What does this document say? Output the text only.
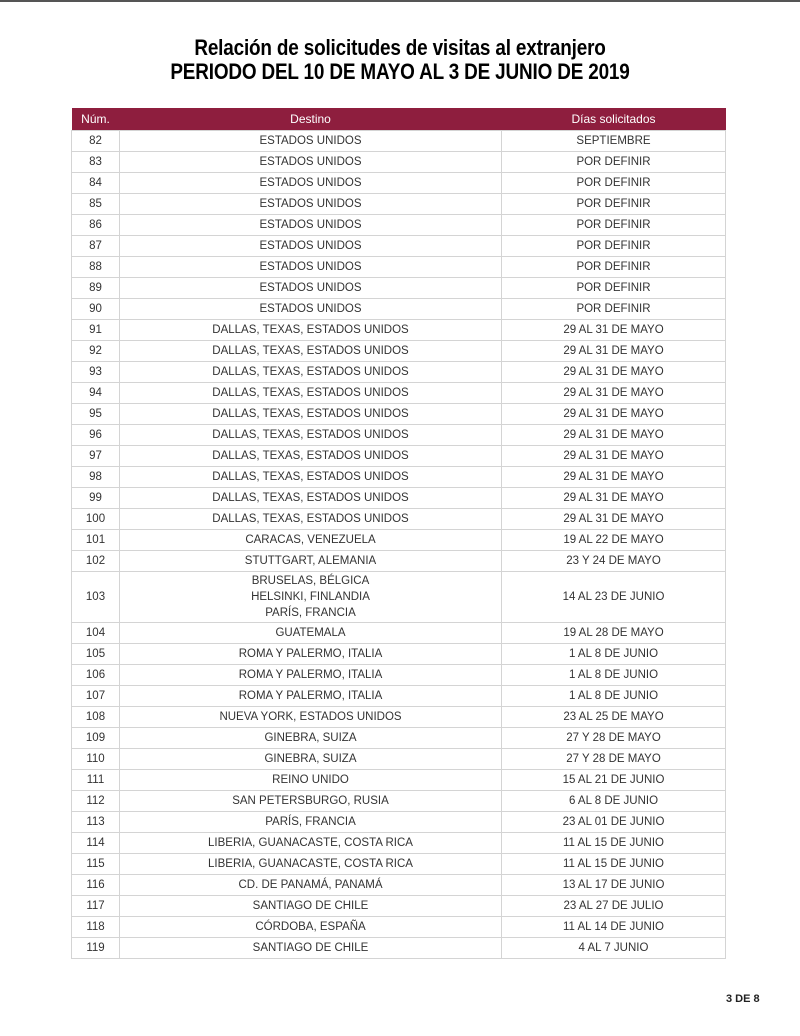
Relación de solicitudes de visitas al extranjero
PERIODO DEL 10 DE MAYO AL 3 DE JUNIO DE 2019
Núm.	Destino	Días solicitados
82	ESTADOS UNIDOS	SEPTIEMBRE
83	ESTADOS UNIDOS	POR DEFINIR
84	ESTADOS UNIDOS	POR DEFINIR
85	ESTADOS UNIDOS	POR DEFINIR
86	ESTADOS UNIDOS	POR DEFINIR
87	ESTADOS UNIDOS	POR DEFINIR
88	ESTADOS UNIDOS	POR DEFINIR
89	ESTADOS UNIDOS	POR DEFINIR
90	ESTADOS UNIDOS	POR DEFINIR
91	DALLAS, TEXAS, ESTADOS UNIDOS	29 AL 31 DE MAYO
92	DALLAS, TEXAS, ESTADOS UNIDOS	29 AL 31 DE MAYO
93	DALLAS, TEXAS, ESTADOS UNIDOS	29 AL 31 DE MAYO
94	DALLAS, TEXAS, ESTADOS UNIDOS	29 AL 31 DE MAYO
95	DALLAS, TEXAS, ESTADOS UNIDOS	29 AL 31 DE MAYO
96	DALLAS, TEXAS, ESTADOS UNIDOS	29 AL 31 DE MAYO
97	DALLAS, TEXAS, ESTADOS UNIDOS	29 AL 31 DE MAYO
98	DALLAS, TEXAS, ESTADOS UNIDOS	29 AL 31 DE MAYO
99	DALLAS, TEXAS, ESTADOS UNIDOS	29 AL 31 DE MAYO
100	DALLAS, TEXAS, ESTADOS UNIDOS	29 AL 31 DE MAYO
101	CARACAS, VENEZUELA	19 AL 22 DE MAYO
102	STUTTGART, ALEMANIA	23 Y 24 DE MAYO
103	BRUSELAS, BÉLGICA
HELSINKI, FINLANDIA
PARÍS, FRANCIA	14 AL 23 DE JUNIO
104	GUATEMALA	19 AL 28 DE MAYO
105	ROMA Y PALERMO, ITALIA	1 AL 8 DE JUNIO
106	ROMA Y PALERMO, ITALIA	1 AL 8 DE JUNIO
107	ROMA Y PALERMO, ITALIA	1 AL 8 DE JUNIO
108	NUEVA YORK, ESTADOS UNIDOS	23 AL 25 DE MAYO
109	GINEBRA, SUIZA	27 Y 28 DE MAYO
110	GINEBRA, SUIZA	27 Y 28 DE MAYO
111	REINO UNIDO	15 AL 21 DE JUNIO
112	SAN PETERSBURGO, RUSIA	6 AL 8 DE JUNIO
113	PARÍS, FRANCIA	23 AL 01 DE JUNIO
114	LIBERIA, GUANACASTE, COSTA RICA	11 AL 15 DE JUNIO
115	LIBERIA, GUANACASTE, COSTA RICA	11 AL 15 DE JUNIO
116	CD. DE PANAMÁ, PANAMÁ	13 AL 17 DE JUNIO
117	SANTIAGO DE CHILE	23 AL 27 DE JULIO
118	CÓRDOBA, ESPAÑA	11 AL 14 DE JUNIO
119	SANTIAGO DE CHILE	4 AL 7 JUNIO
3 DE 8
